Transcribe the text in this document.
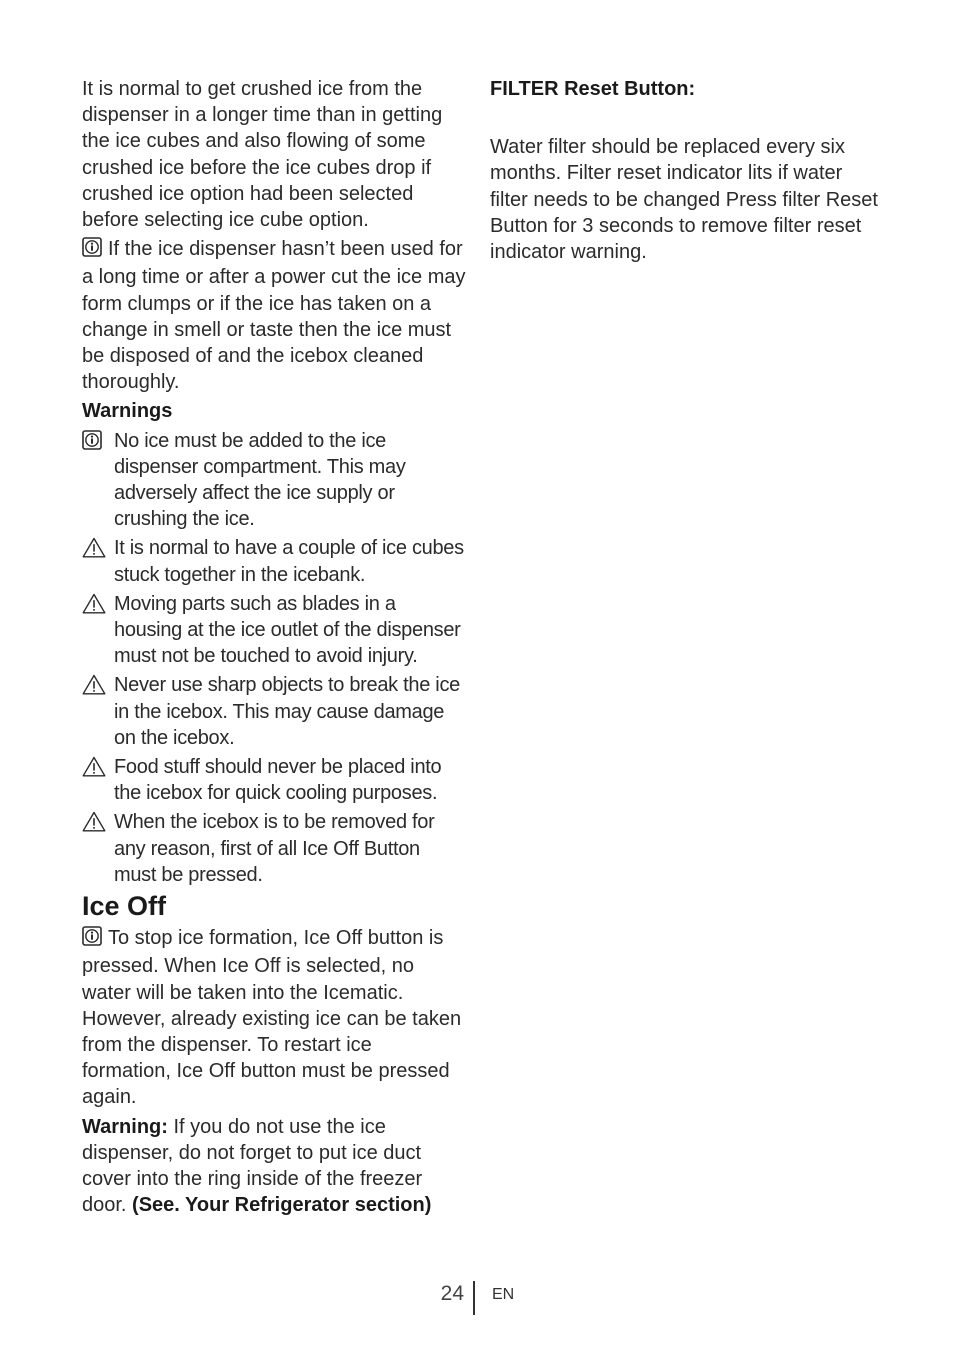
It is normal to get crushed ice from the dispenser in a longer time than in getting the ice cubes and also flowing of some crushed ice before the ice cubes drop if crushed ice option had been selected before selecting ice cube option.

If the ice dispenser hasn’t been used for a long time or after a power cut the ice may form clumps or if the ice has taken on a change in smell or taste then the ice must be disposed of and the icebox cleaned thoroughly.

Warnings

No ice must be added to the ice dispenser compartment. This may adversely affect the ice supply or crushing the ice.
It is normal to have a couple of ice cubes stuck together in the icebank.
Moving parts such as blades in a housing at the ice outlet of the dispenser must not be touched to avoid injury.
Never use sharp objects to break the ice in the icebox. This may cause damage on the icebox.
Food stuff should never be placed into the icebox for quick cooling purposes.
When the icebox is to be removed for any reason, first of all Ice Off Button must be pressed.
Ice Off

To stop ice formation, Ice Off button is pressed. When Ice Off is selected, no water will be taken into the Icematic. However, already existing ice can be taken from the dispenser. To restart ice formation, Ice Off button must be pressed again.

Warning: If you do not use the ice dispenser, do not forget to put ice duct cover into the ring inside of the freezer door. (See. Your Refrigerator section)

FILTER Reset Button:

Water filter should be replaced every six months. Filter reset indicator lits if water filter needs to be changed Press filter Reset Button for 3 seconds to remove filter reset indicator warning.

24 EN
